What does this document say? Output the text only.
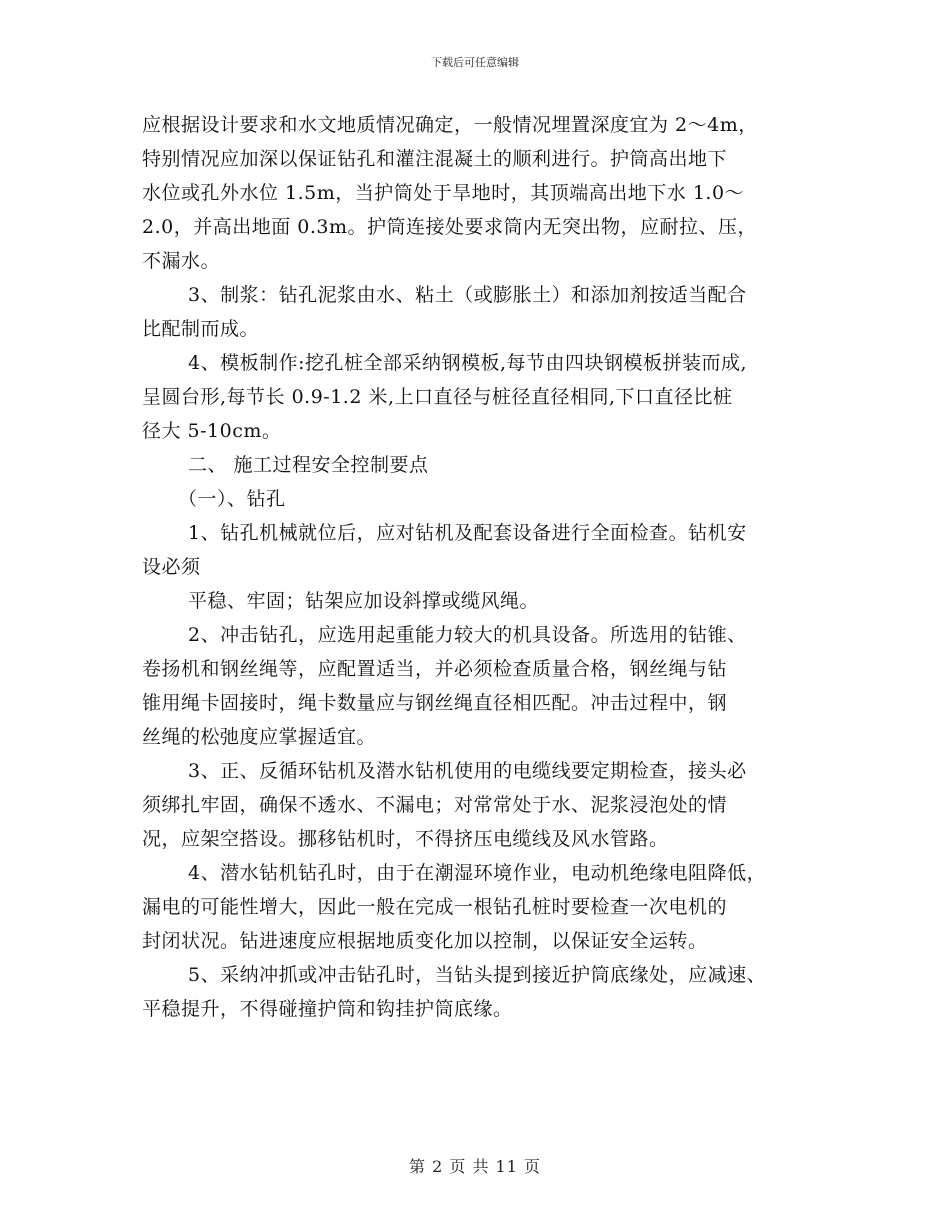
下载后可任意编辑
应根据设计要求和水文地质情况确定，一般情况埋置深度宜为 2～4m，
特别情况应加深以保证钻孔和灌注混凝土的顺利进行。护筒高出地下
水位或孔外水位 1.5m，当护筒处于旱地时，其顶端高出地下水 1.0～
2.0，并高出地面 0.3m。护筒连接处要求筒内无突出物，应耐拉、压，
不漏水。
3、制浆：钻孔泥浆由水、粘土（或膨胀土）和添加剂按适当配合
比配制而成。
4、模板制作:挖孔桩全部采纳钢模板,每节由四块钢模板拼装而成,
呈圆台形,每节长 0.9-1.2 米,上口直径与桩径直径相同,下口直径比桩
径大 5-10cm。
二、 施工过程安全控制要点
（一）、钻孔
1、钻孔机械就位后，应对钻机及配套设备进行全面检查。钻机安
设必须
平稳、牢固；钻架应加设斜撑或缆风绳。
2、冲击钻孔，应选用起重能力较大的机具设备。所选用的钻锥、
卷扬机和钢丝绳等，应配置适当，并必须检查质量合格，钢丝绳与钻
锥用绳卡固接时，绳卡数量应与钢丝绳直径相匹配。冲击过程中，钢
丝绳的松弛度应掌握适宜。
3、正、反循环钻机及潜水钻机使用的电缆线要定期检查，接头必
须绑扎牢固，确保不透水、不漏电；对常常处于水、泥浆浸泡处的情
况，应架空搭设。挪移钻机时，不得挤压电缆线及风水管路。
4、潜水钻机钻孔时，由于在潮湿环境作业，电动机绝缘电阻降低，
漏电的可能性增大，因此一般在完成一根钻孔桩时要检查一次电机的
封闭状况。钻进速度应根据地质变化加以控制，以保证安全运转。
5、采纳冲抓或冲击钻孔时，当钻头提到接近护筒底缘处，应减速、
平稳提升，不得碰撞护筒和钩挂护筒底缘。
第 2 页 共 11 页
